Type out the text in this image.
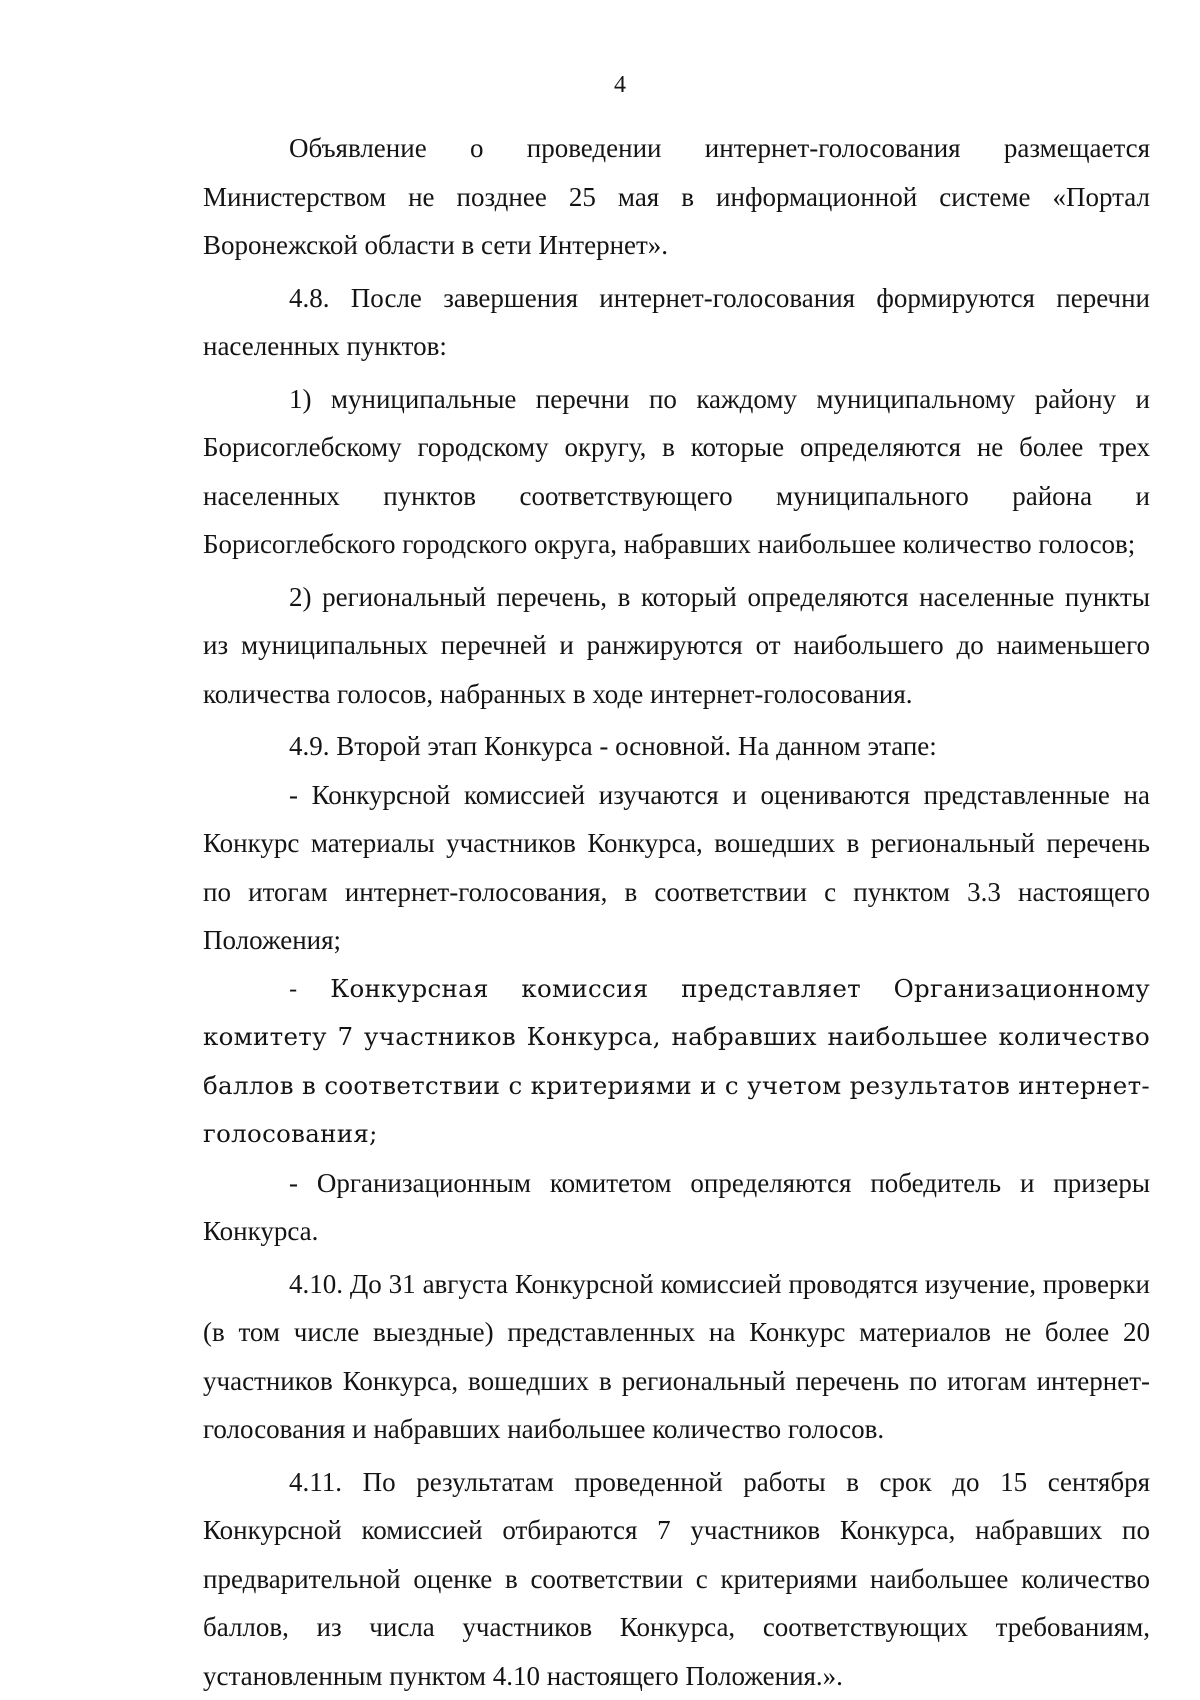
4

Объявление о проведении интернет-голосования размещается Министерством не позднее 25 мая в информационной системе «Портал Воронежской области в сети Интернет».

4.8. После завершения интернет-голосования формируются перечни населенных пунктов:

1) муниципальные перечни по каждому муниципальному району и Борисоглебскому городскому округу, в которые определяются не более трех населенных пунктов соответствующего муниципального района и Борисоглебского городского округа, набравших наибольшее количество голосов;

2) региональный перечень, в который определяются населенные пункты из муниципальных перечней и ранжируются от наибольшего до наименьшего количества голосов, набранных в ходе интернет-голосования.

4.9. Второй этап Конкурса - основной. На данном этапе:

- Конкурсной комиссией изучаются и оцениваются представленные на Конкурс материалы участников Конкурса, вошедших в региональный перечень по итогам интернет-голосования, в соответствии с пунктом 3.3 настоящего Положения;

- Конкурсная комиссия представляет Организационному комитету 7 участников Конкурса, набравших наибольшее количество баллов в соответствии с критериями и с учетом результатов интернет-голосования;

- Организационным комитетом определяются победитель и призеры Конкурса.

4.10. До 31 августа Конкурсной комиссией проводятся изучение, проверки (в том числе выездные) представленных на Конкурс материалов не более 20 участников Конкурса, вошедших в региональный перечень по итогам интернет-голосования и набравших наибольшее количество голосов.

4.11. По результатам проведенной работы в срок до 15 сентября Конкурсной комиссией отбираются 7 участников Конкурса, набравших по предварительной оценке в соответствии с критериями наибольшее количество баллов, из числа участников Конкурса, соответствующих требованиям, установленным пунктом 4.10 настоящего Положения.».
